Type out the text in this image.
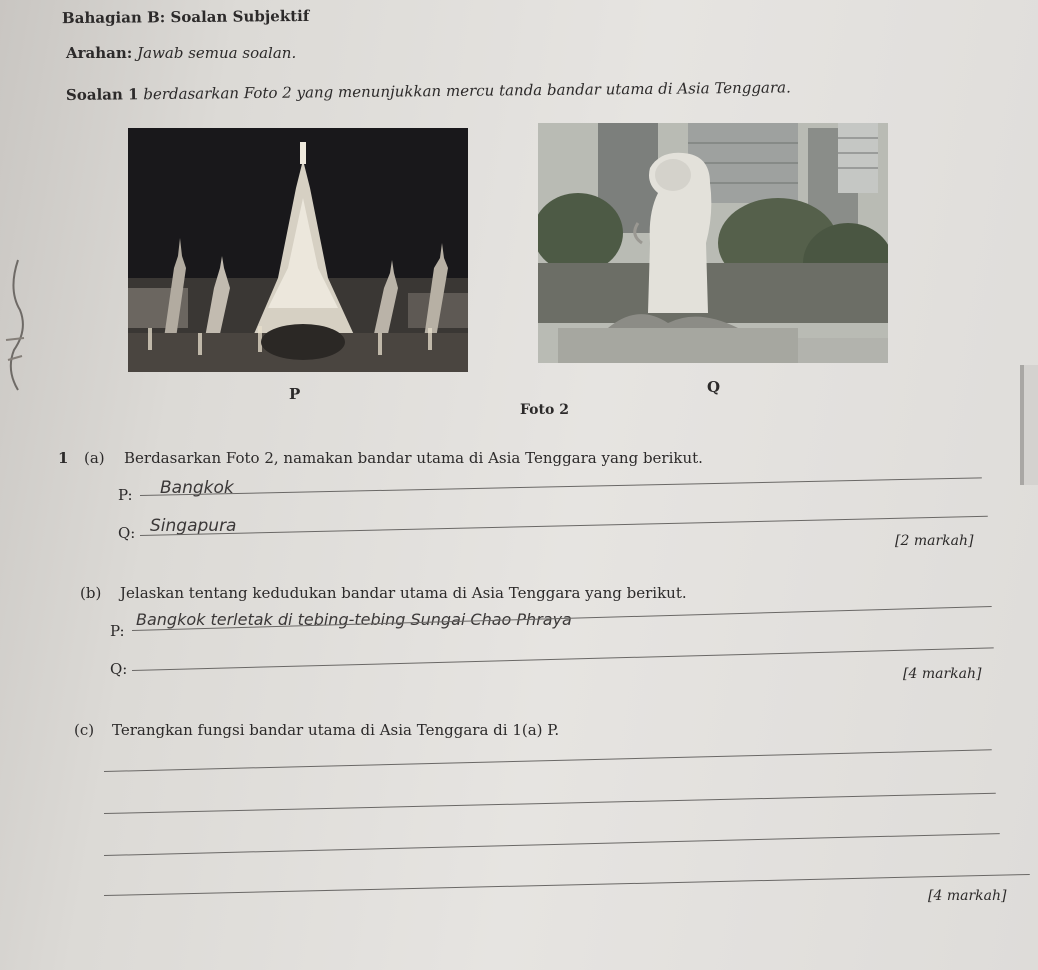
Bahagian B: Soalan Subjektif
Arahan: Jawab semua soalan.
Soalan 1 berdasarkan Foto 2 yang menunjukkan mercu tanda bandar utama di Asia Tenggara.
P	Q
Foto 2
1 (a) Berdasarkan Foto 2, namakan bandar utama di Asia Tenggara yang berikut.
P: Bangkok
Q: Singapura
[2 markah]
(b) Jelaskan tentang kedudukan bandar utama di Asia Tenggara yang berikut.
P:
Bangkok terletak di tebing-tebing Sungai Chao Phraya
Q:	[4 markah]
(c) Terangkan fungsi bandar utama di Asia Tenggara di 1(a) P.
[4 markah]
